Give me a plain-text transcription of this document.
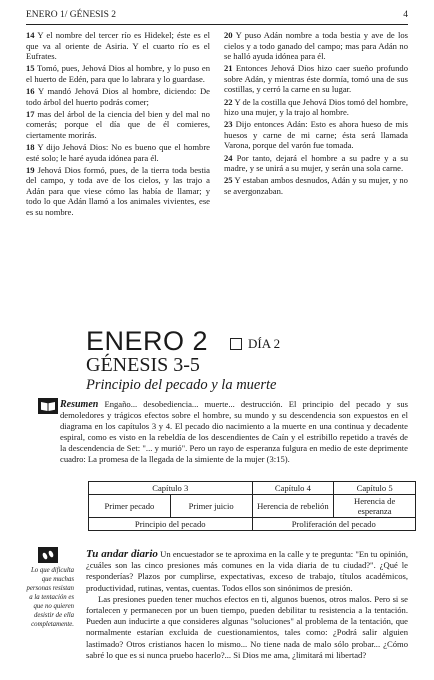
ENERO 1/ GÉNESIS 2	4

14 Y el nombre del tercer río es Hidekel; éste es el que va al oriente de Asiria. Y el cuarto río es el Eufrates.

15 Tomó, pues, Jehová Dios al hombre, y lo puso en el huerto de Edén, para que lo labrara y lo guardase.

16 Y mandó Jehová Dios al hombre, diciendo: De todo árbol del huerto podrás comer;

17 mas del árbol de la ciencia del bien y del mal no comerás; porque el día que de él comieres, ciertamente morirás.

18 Y dijo Jehová Dios: No es bueno que el hombre esté solo; le haré ayuda idónea para él.

19 Jehová Dios formó, pues, de la tierra toda bestia del campo, y toda ave de los cielos, y las trajo a Adán para que viese cómo las había de llamar; y todo lo que Adán llamó a los animales vivientes, ese es su nombre.

20 Y puso Adán nombre a toda bestia y ave de los cielos y a todo ganado del campo; mas para Adán no se halló ayuda idónea para él.

21 Entonces Jehová Dios hizo caer sueño profundo sobre Adán, y mientras éste dormía, tomó una de sus costillas, y cerró la carne en su lugar.

22 Y de la costilla que Jehová Dios tomó del hombre, hizo una mujer, y la trajo al hombre.

23 Dijo entonces Adán: Esto es ahora hueso de mis huesos y carne de mi carne; ésta será llamada Varona, porque del varón fue tomada.

24 Por tanto, dejará el hombre a su padre y a su madre, y se unirá a su mujer, y serán una sola carne.

25 Y estaban ambos desnudos, Adán y su mujer, y no se avergonzaban.

ENERO 2	DÍA 2
GÉNESIS 3-5
Principio del pecado y la muerte
Resumen Engaño... desobediencia... muerte... destrucción. El principio del pecado y sus demoledores y trágicos efectos sobre el hombre, su mundo y su descendencia son expuestos en el diagrama en los capítulos 3 y 4. El pecado dio nacimiento a la muerte en una continua y decadente espiral, como es visto en la rebeldía de los descendientes de Caín y el estribillo repetido a través de la descendencia de Set: "... y murió". Pero un rayo de esperanza fulgura en medio de este deprimente cuadro: La promesa de la llegada de la simiente de la mujer (3:15).
Capítulo 3		Capítulo 4	Capítulo 5
Primer pecado	Primer juicio	Herencia de rebelión	Herencia de esperanza
Principio del pecado		Proliferación del pecado	
Lo que dificulta que muchas personas resistan a la tentación es que no quieren desistir de ella completamente.

Tu andar diario Un encuestador se te aproxima en la calle y te pregunta: "En tu opinión, ¿cuáles son las cinco presiones más comunes en la vida diaria de tu ciudad?". ¿Qué le responderías? Plazos por cumplirse, expectativas, exceso de trabajo, títulos académicos, productividad, rutinas, ventas, cuentas. Todos ellos son sinónimos de presión.

Las presiones pueden tener muchos efectos en ti, algunos buenos, otros malos. Pero si se fortalecen y permanecen por un buen tiempo, pueden debilitar tu resistencia a la tentación. Pueden aun inducirte a que consideres algunas "soluciones" al problema de la tentación, que normalmente estarían excluida de cuestionamientos, tales como: ¿Podrá salir alguien lastimado? Otros cristianos hacen lo mismo... No tiene nada de malo sólo probar... ¿Cómo sabré lo que es si nunca pruebo hacerlo?... Si Dios me ama, ¿limitará mi libertad?
